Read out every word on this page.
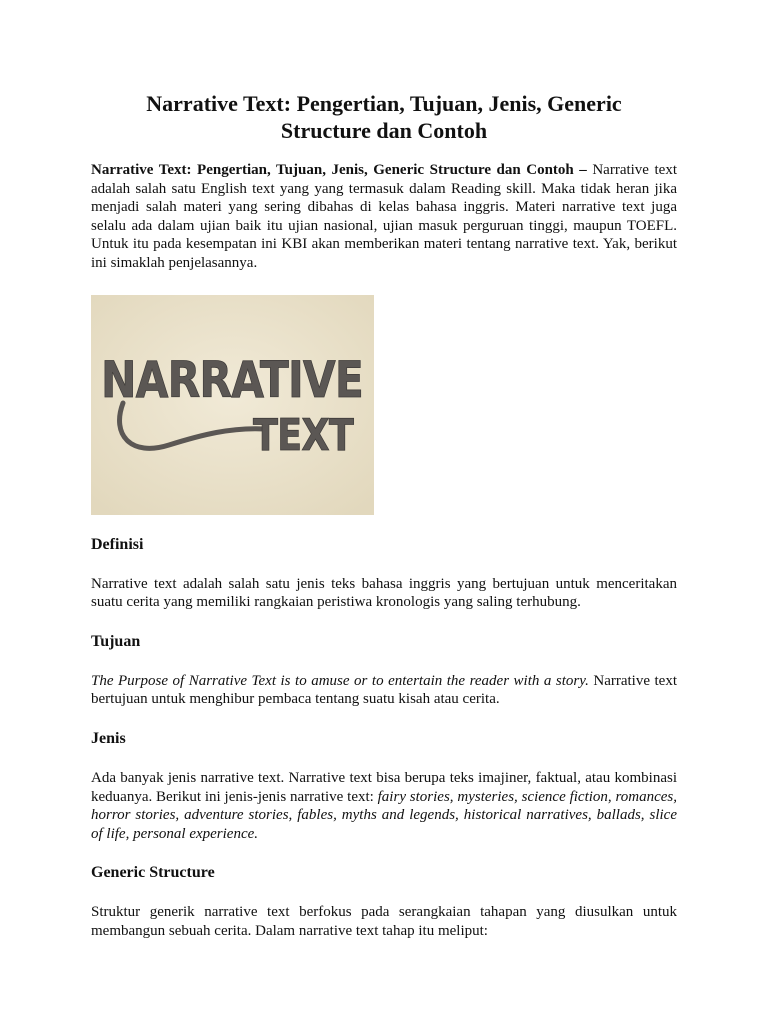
Narrative Text: Pengertian, Tujuan, Jenis, Generic Structure dan Contoh

Narrative Text: Pengertian, Tujuan, Jenis, Generic Structure dan Contoh – Narrative text adalah salah satu English text yang yang termasuk dalam Reading skill. Maka tidak heran jika menjadi salah materi yang sering dibahas di kelas bahasa inggris. Materi narrative text juga selalu ada dalam ujian baik itu ujian nasional, ujian masuk perguruan tinggi, maupun TOEFL. Untuk itu pada kesempatan ini KBI akan memberikan materi tentang narrative text. Yak, berikut ini simaklah penjelasannya.

NARRATIVE
TEXT
Definisi

Narrative text adalah salah satu jenis teks bahasa inggris yang bertujuan untuk menceritakan suatu cerita yang memiliki rangkaian peristiwa kronologis yang saling terhubung.

Tujuan

The Purpose of Narrative Text is to amuse or to entertain the reader with a story. Narrative text bertujuan untuk menghibur pembaca tentang suatu kisah atau cerita.

Jenis

Ada banyak jenis narrative text. Narrative text bisa berupa teks imajiner, faktual, atau kombinasi keduanya. Berikut ini jenis-jenis narrative text: fairy stories, mysteries, science fiction, romances, horror stories, adventure stories, fables, myths and legends, historical narratives, ballads, slice of life, personal experience.

Generic Structure

Struktur generik narrative text berfokus pada serangkaian tahapan yang diusulkan untuk membangun sebuah cerita. Dalam narrative text tahap itu meliput:
